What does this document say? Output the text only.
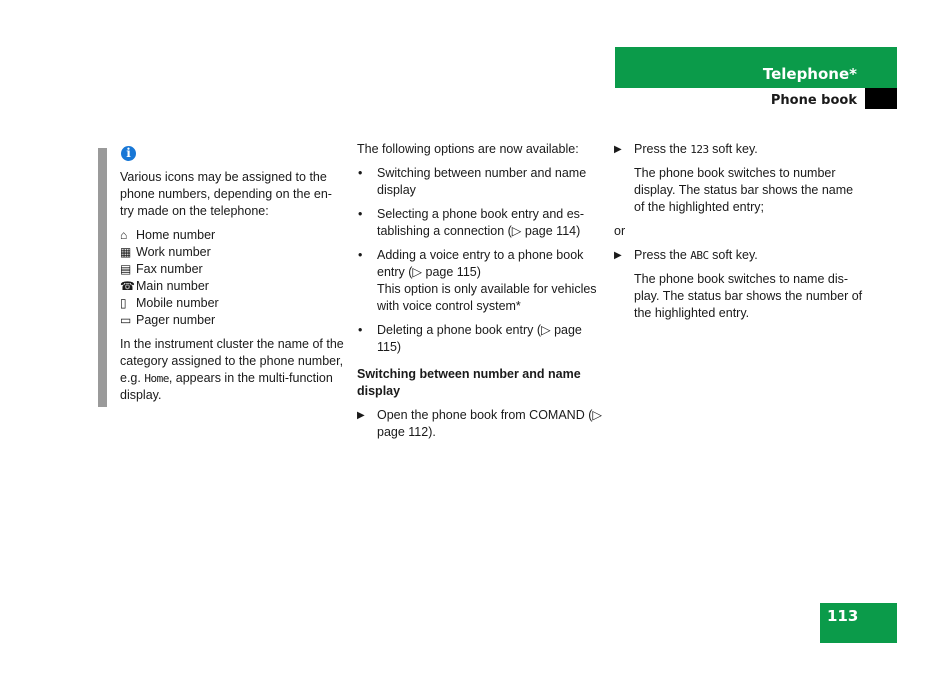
Telephone*
Phone book
i

Various icons may be assigned to the phone numbers, depending on the en-try made on the telephone:

⌂ Home number
▦ Work number
▤ Fax number
☎ Main number
▯ Mobile number
▭ Pager number

In the instrument cluster the name of the category assigned to the phone number, e.g. Home, appears in the multi-function display.

The following options are now available:

• Switching between number and name display
• Selecting a phone book entry and es-tablishing a connection (▷ page 114)
• Adding a voice entry to a phone book entry (▷ page 115)
This option is only available for vehicles with voice control system*
• Deleting a phone book entry (▷ page 115)
Switching between number and name display
▶ Open the phone book from COMAND (▷ page 112).
▶ Press the 123 soft key.
The phone book switches to number display. The status bar shows the name of the highlighted entry;
or
▶ Press the ABC soft key.
The phone book switches to name dis-play. The status bar shows the number of the highlighted entry.
113
